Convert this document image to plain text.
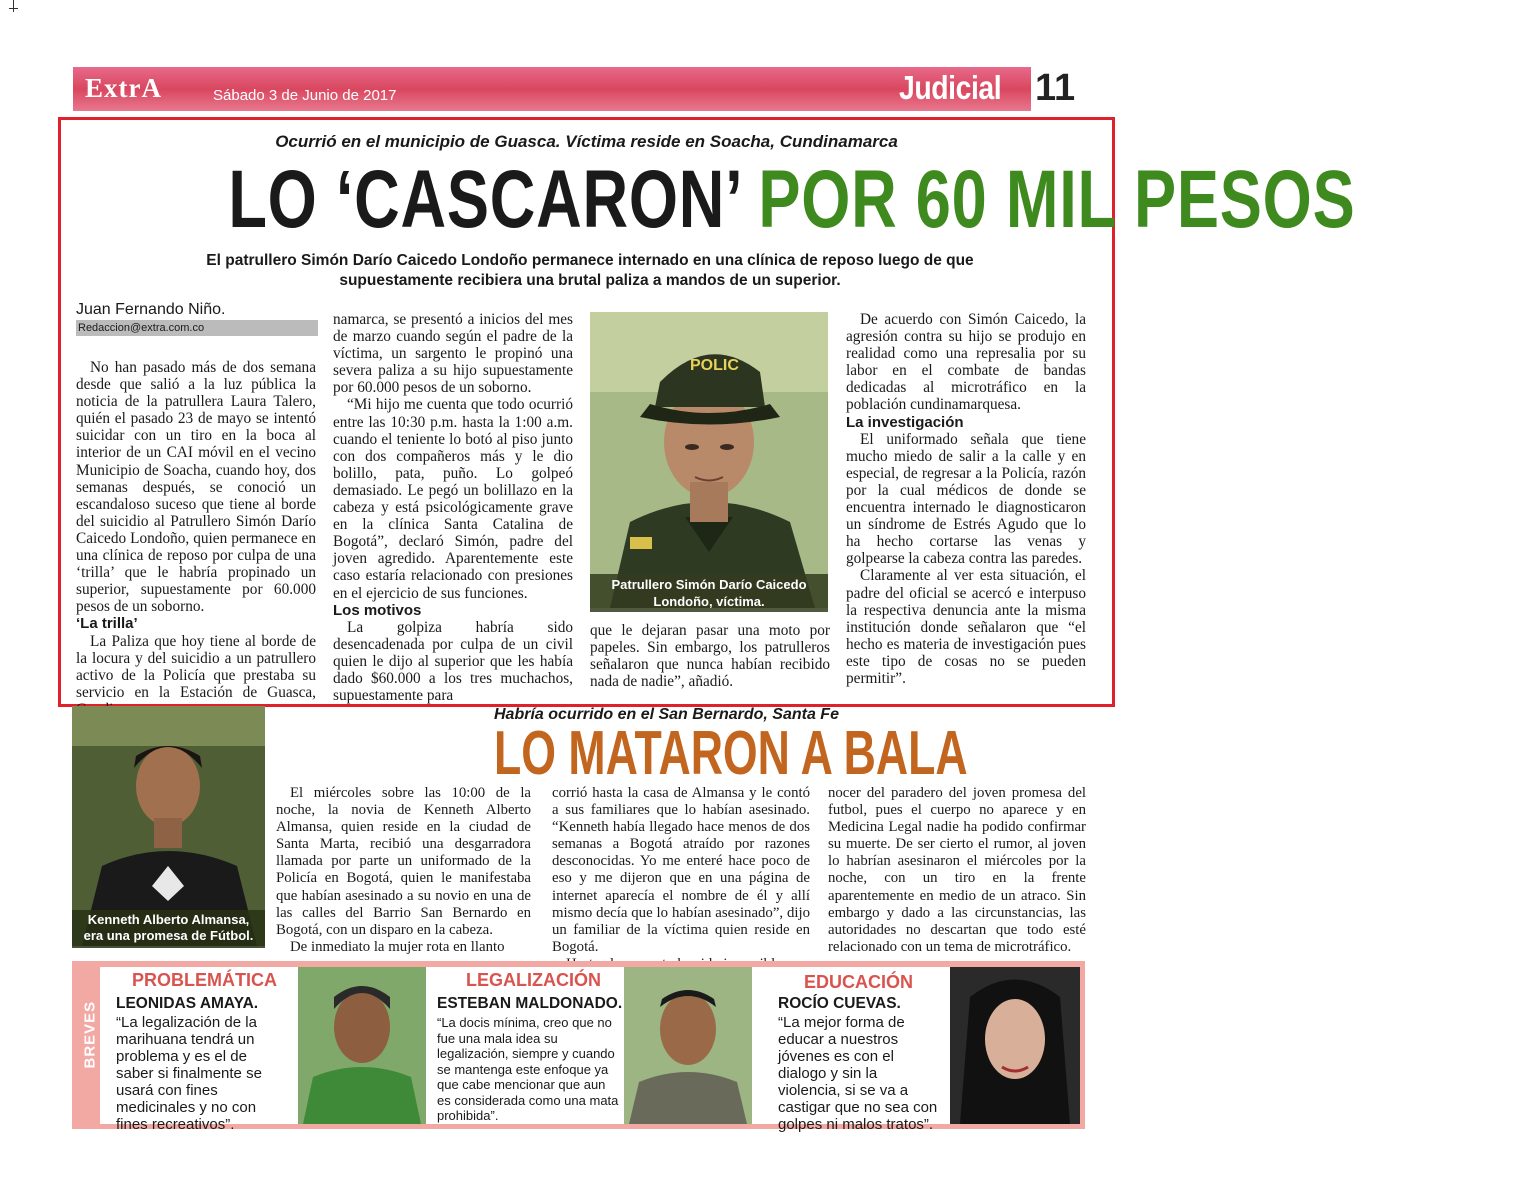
ExtrA	Sábado 3 de Junio de 2017	Judicial 11
Ocurrió en el municipio de Guasca. Víctima reside en Soacha, Cundinamarca
LO ‘CASCARON’ POR 60 MIL PESOS
El patrullero Simón Darío Caicedo Londoño permanece internado en una clínica de reposo luego de que
supuestamente recibiera una brutal paliza a mandos de un superior.
Juan Fernando Niño.
Redaccion@extra.com.co

No han pasado más de dos semana desde que salió a la luz pública la noticia de la patrullera Laura Talero, quién el pasado 23 de mayo se intentó suicidar con un tiro en la boca al interior de un CAI móvil en el vecino Municipio de Soacha, cuando hoy, dos semanas después, se conoció un escandaloso suceso que tiene al borde del suicidio al Patrullero Simón Darío Caicedo Londoño, quien permanece en una clínica de reposo por culpa de una ‘trilla’ que le habría propinado un superior, supuestamente por 60.000 pesos de un soborno.

‘La trilla’

La Paliza que hoy tiene al borde de la locura y del suicidio a un patrullero activo de la Policía que prestaba su servicio en la Estación de Guasca,

namarca, se presentó a inicios del mes de marzo cuando según el padre de la víctima, un sargento le propinó una severa paliza a su hijo supuestamente por 60.000 pesos de un soborno.

“Mi hijo me cuenta que todo ocurrió entre las 10:30 p.m. hasta la 1:00 a.m. cuando el teniente lo botó al piso junto con dos compañeros más y le dio bolillo, pata, puño. Lo golpeó demasiado. Le pegó un bolillazo en la cabeza y está psicológicamente grave en la clínica Santa Catalina de Bogotá”, declaró Simón, padre del joven agredido. Aparentemente este caso estaría relacionado con presiones en el ejercicio de sus funciones.

Los motivos

La golpiza habría sido desencadenada por culpa de un civil quien le dijo al superior que les había dado $60.000 a los tres muchachos, supuestamente para

POLIC
Patrullero Simón Darío Caicedo
Londoño, víctima.

que le dejaran pasar una moto por papeles. Sin embargo, los patrulleros señalaron que nunca habían recibido nada de nadie”, añadió.

De acuerdo con Simón Caicedo, la agresión contra su hijo se produjo en realidad como una represalia por su labor en el combate de bandas dedicadas al microtráfico en la población cundinamarquesa.

La investigación

El uniformado señala que tiene mucho miedo de salir a la calle y en especial, de regresar a la Policía, razón por la cual médicos de donde se encuentra internado le diagnosticaron un síndrome de Estrés Agudo que lo ha hecho cortarse las venas y golpearse la cabeza contra las paredes.

Claramente al ver esta situación, el padre del oficial se acercó e interpuso la respectiva denuncia ante la misma institución donde señalaron que “el hecho es materia de investigación pues este tipo de cosas no se pueden permitir”.

Kenneth Alberto Almansa,
era una promesa de Fútbol.
Habría ocurrido en el San Bernardo, Santa Fe
LO MATARON A BALA

El miércoles sobre las 10:00 de la noche, la novia de Kenneth Alberto Almansa, quien reside en la ciudad de Santa Marta, recibió una desgarradora llamada por parte un uniformado de la Policía en Bogotá, quien le manifestaba que habían asesinado a su novio en una de las calles del Barrio San Bernardo en Bogotá, con un disparo en la cabeza.

De inmediato la mujer rota en llanto

corrió hasta la casa de Almansa y le contó a sus familiares que lo habían asesinado. “Kenneth había llegado hace menos de dos semanas a Bogotá atraído por razones desconocidas. Yo me enteré hace poco de eso y me dijeron que en una página de internet aparecía el nombre de él y allí mismo decía que lo habían asesinado”, dijo un familiar de la víctima quien reside en Bogotá.

nocer del paradero del joven promesa del futbol, pues el cuerpo no aparece y en Medicina Legal nadie ha podido confirmar su muerte. De ser cierto el rumor, al joven lo habrían asesinaron el miércoles por la noche, con un tiro en la frente aparentemente en medio de un atraco. Sin embargo y dado a las circunstancias, las autoridades no descartan que todo esté relacionado con un tema de microtráfico.

BREVES
PROBLEMÁTICA
LEONIDAS AMAYA.
“La legalización de la marihuana tendrá un problema y es el de saber si finalmente se usará con fines medicinales y no con fines recreativos”.
LEGALIZACIÓN
ESTEBAN MALDONADO.
“La docis mínima, creo que no fue una mala idea su legalización, siempre y cuando se mantenga este enfoque ya que cabe mencionar que aun es considerada como una mata prohibida”.
EDUCACIÓN
ROCÍO CUEVAS.
“La mejor forma de educar a nuestros jóvenes es con el dialogo y sin la violencia, si se va a castigar que no sea con golpes ni malos tratos”.
